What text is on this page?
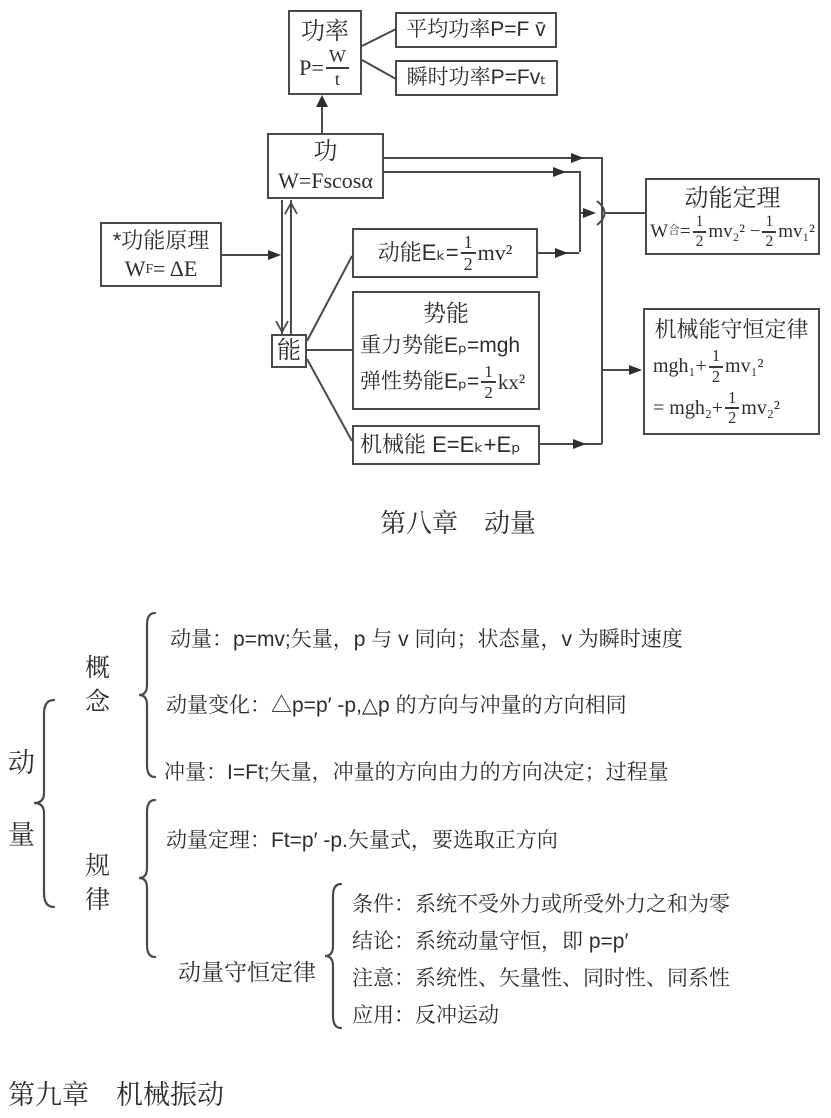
功率
$P= \frac{W}{t}$
平均功率P=F v̄
瞬时功率P=Fvₜ
功
W=Fscosα
*功能原理
W F = ΔE
能
动能$E_k= \frac{1}{2} mv^2$
势能
重力势能Eₚ=mgh
弹性势能$E_p= \frac{1}{2} kx^2$
机械能 E=Eₖ+Eₚ
动能定理
W 合 = $\frac{1}{2} mv_2^2 - \frac{1}{2} mv_1^2$
机械能守恒定律
$mgh_1+ \frac{1}{2} mv_1^2$
= $mgh_2+ \frac{1}{2} mv_2^2$
第八章　动量
动
量
概
念
规
律
动量：p=mv;矢量，p 与 v 同向；状态量，v 为瞬时速度
动量变化：△p=p′ -p,△p 的方向与冲量的方向相同
冲量：I=Ft;矢量，冲量的方向由力的方向决定；过程量
动量定理：Ft=p′ -p.矢量式，要选取正方向
动量守恒定律
条件：系统不受外力或所受外力之和为零
结论：系统动量守恒，即 p=p′
注意：系统性、矢量性、同时性、同系性
应用：反冲运动
第九章　机械振动
